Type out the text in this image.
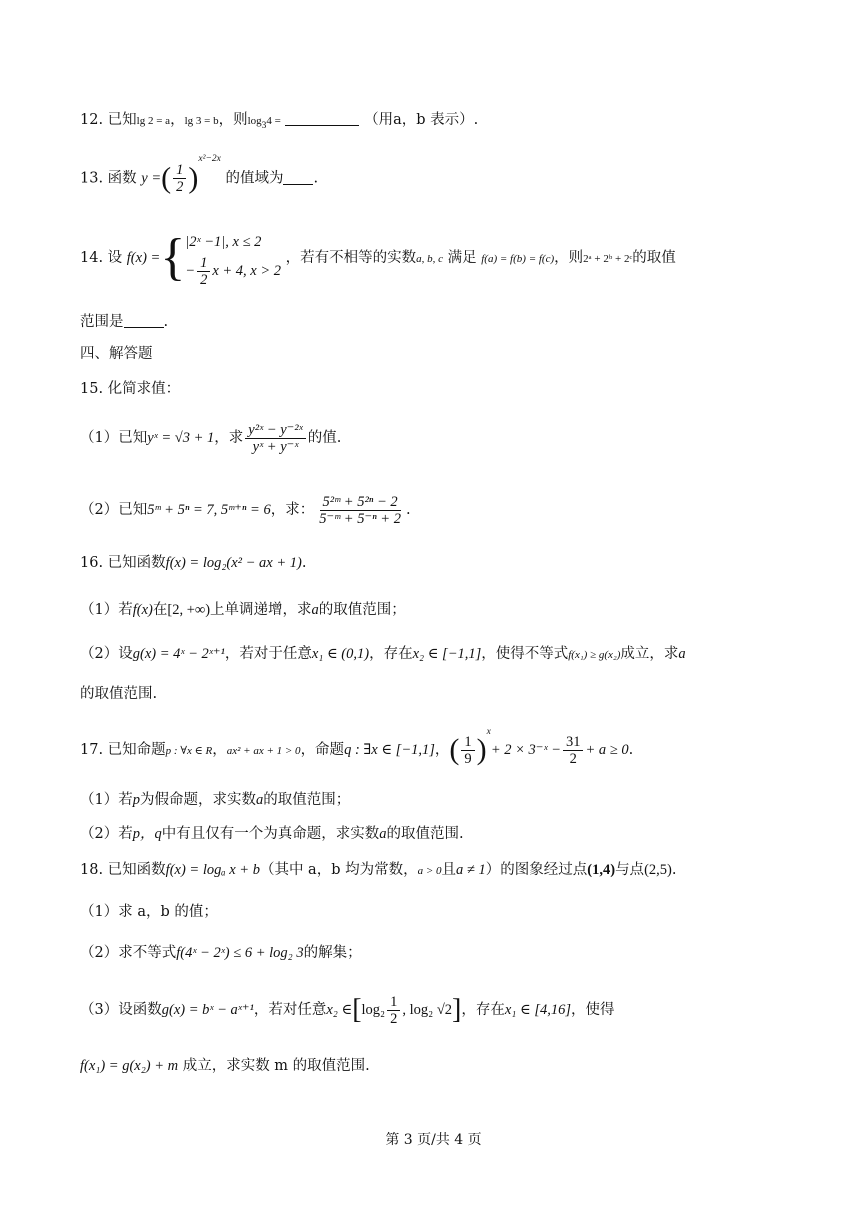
12. 已知lg 2 = a，lg 3 = b，则$\log_34$ =	（用a，b 表示）.
13. 函数 y =( $\frac{1}{2} )^{x^2-2x}$ 的值域为 .
14. 设 f(x) ={ |2ˣ −1|, x ≤ 2
− $\frac{1}{2}$ x + 4, x > 2
，若有不相等的实数a, b, c 满足 f(a) = f(b) = f(c)，则2ᵃ + 2ᵇ + 2ᶜ的取值
范围是	.
四、解答题
15. 化简求值：
（1）已知yˣ = √3 + 1，求 $\frac{\text{y²ˣ − y⁻²ˣ}}{\text{yˣ + y⁻ˣ}}$ 的值.
（2）已知5ᵐ + 5ⁿ = 7, 5ᵐ⁺ⁿ = 6，求： $\frac{\text{5²ᵐ + 5²ⁿ − 2}}{\text{5⁻ᵐ + 5⁻ⁿ + 2}}$ .
16. 已知函数f(x) = log₂(x² − ax + 1).
（1）若f(x)在[2, +∞)上单调递增，求a的取值范围；
（2）设g(x) = 4ˣ − 2ˣ⁺¹，若对于任意x₁ ∈ (0,1)，存在x₂ ∈ [−1,1]，使得不等式f(x₁) ≥ g(x₂)成立，求a
的取值范围.
17. 已知命题p : ∀x ∈ R，ax² + ax + 1 > 0，命题q : ∃x ∈ [−1,1]，( $\frac{1}{9} )^x+ 2$ × 3⁻ˣ − $\frac{31}{2} + a \ge 0$.
（1）若p为假命题，求实数a的取值范围；
（2）若p，q中有且仅有一个为真命题，求实数a的取值范围.
18. 已知函数f(x) = logₐ x + b（其中 a，b 均为常数，a > 0且a ≠ 1）的图象经过点(1,4)与点(2,5).
（1）求 a，b 的值；
（2）求不等式f(4ˣ − 2ˣ) ≤ 6 + log₂ 3的解集；
（3）设函数g(x) = bˣ − aˣ⁺¹，若对任意x₂ ∈[log₂ $\frac{1}{2}$ , log₂ √2]，存在x₁ ∈ [4,16]，使得
f(x₁) = g(x₂) + m 成立，求实数 m 的取值范围.
第 3 页/共 4 页
